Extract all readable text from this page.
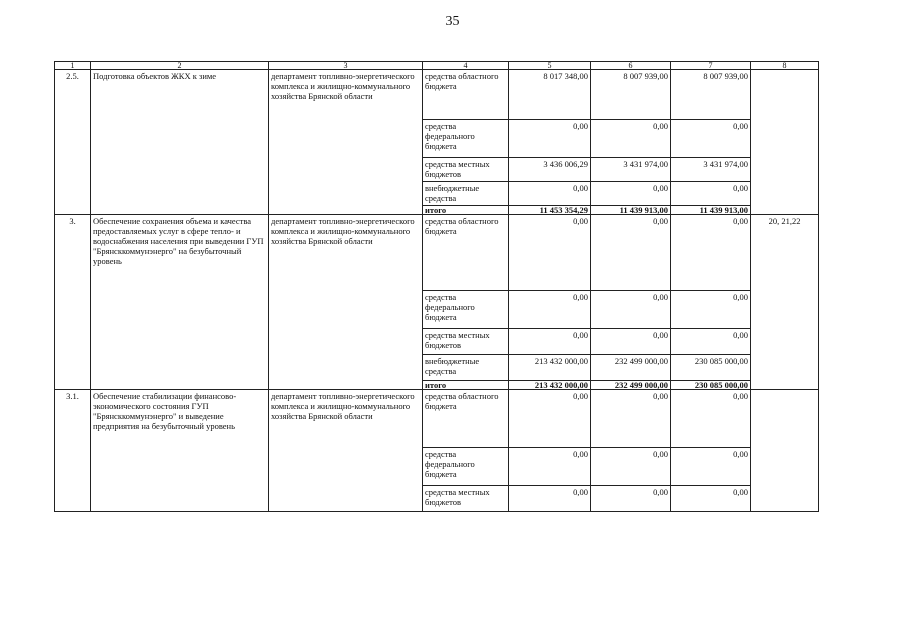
35
1	2	3	4	5	6	7	8
2.5.	Подготовка объектов ЖКХ к зиме	департамент топливно-энергетического комплекса и жилищно-коммунального хозяйства Брянской области	средства областного бюджета	8 017 348,00	8 007 939,00	8 007 939,00	
			средства федерального бюджета	0,00	0,00	0,00	
			средства местных бюджетов	3 436 006,29	3 431 974,00	3 431 974,00	
			внебюджетные средства	0,00	0,00	0,00	
			итого	11 453 354,29	11 439 913,00	11 439 913,00	
3.	Обеспечение сохранения объема и качества предоставляемых услуг в сфере тепло- и водоснабжения населения при выведении ГУП "Брянсккоммунэнерго" на безубыточный уровень	департамент топливно-энергетического комплекса и жилищно-коммунального хозяйства Брянской области	средства областного бюджета	0,00	0,00	0,00	20, 21,22
			средства федерального бюджета	0,00	0,00	0,00	
			средства местных бюджетов	0,00	0,00	0,00	
			внебюджетные средства	213 432 000,00	232 499 000,00	230 085 000,00	
			итого	213 432 000,00	232 499 000,00	230 085 000,00	
3.1.	Обеспечение стабилизации финансово-экономического состояния ГУП "Брянсккоммунэнерго" и выведение предприятия на безубыточный уровень	департамент топливно-энергетического комплекса и жилищно-коммунального хозяйства Брянской области	средства областного бюджета	0,00	0,00	0,00	
			средства федерального бюджета	0,00	0,00	0,00	
			средства местных бюджетов	0,00	0,00	0,00	
